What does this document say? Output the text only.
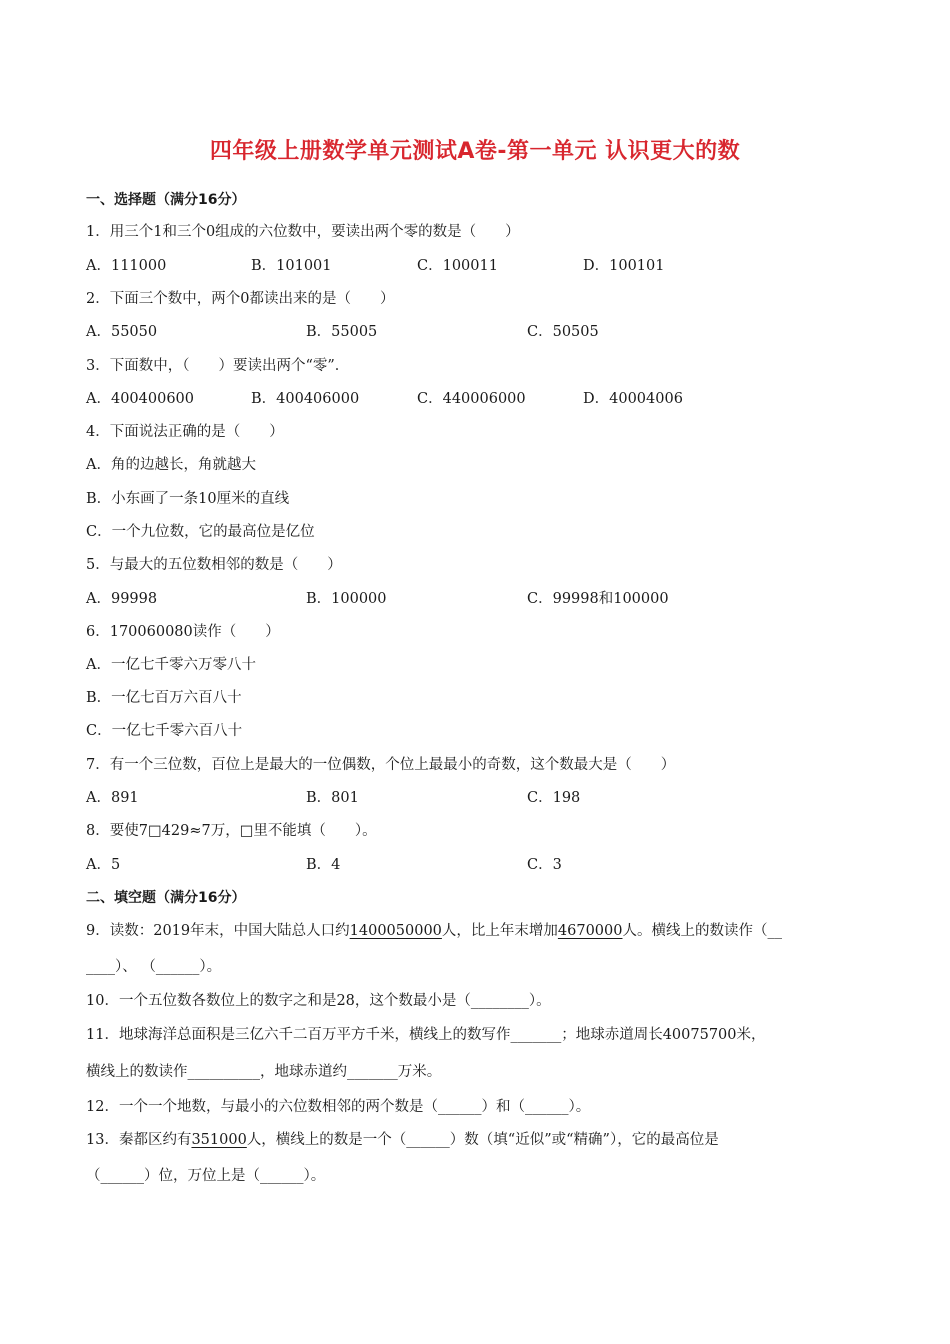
四年级上册数学单元测试A卷-第一单元 认识更大的数
一、选择题（满分16分）
1．用三个1和三个0组成的六位数中，要读出两个零的数是（　　）
A．111000	B．101001	C．100011	D．100101
2．下面三个数中，两个0都读出来的是（　　）
A．55050	B．55005	C．50505
3．下面数中，（　　）要读出两个“零”．
A．400400600	B．400406000	C．440006000	D．40004006
4．下面说法正确的是（　　）
A．角的边越长，角就越大
B．小东画了一条10厘米的直线
C．一个九位数，它的最高位是亿位
5．与最大的五位数相邻的数是（　　）
A．99998	B．100000	C．99998和100000
6．170060080读作（　　）
A．一亿七千零六万零八十
B．一亿七百万六百八十
C．一亿七千零六百八十
7．有一个三位数，百位上是最大的一位偶数，个位上最最小的奇数，这个数最大是（　　）
A．891	B．801	C．198
8．要使7□429≈7万，□里不能填（　　）。
A．5	B．4	C．3
二、填空题（满分16分）
9．读数：2019年末，中国大陆总人口约1400050000人，比上年末增加4670000人。横线上的数读作（__
____）、 （______）。
10．一个五位数各数位上的数字之和是28，这个数最小是（________）。
11．地球海洋总面积是三亿六千二百万平方千米，横线上的数写作_______；地球赤道周长40075700米，
横线上的数读作__________，地球赤道约_______万米。
12．一个一个地数，与最小的六位数相邻的两个数是（______）和（______）。
13．秦都区约有351000人，横线上的数是一个（______）数（填“近似”或“精确”），它的最高位是
（______）位，万位上是（______）。
